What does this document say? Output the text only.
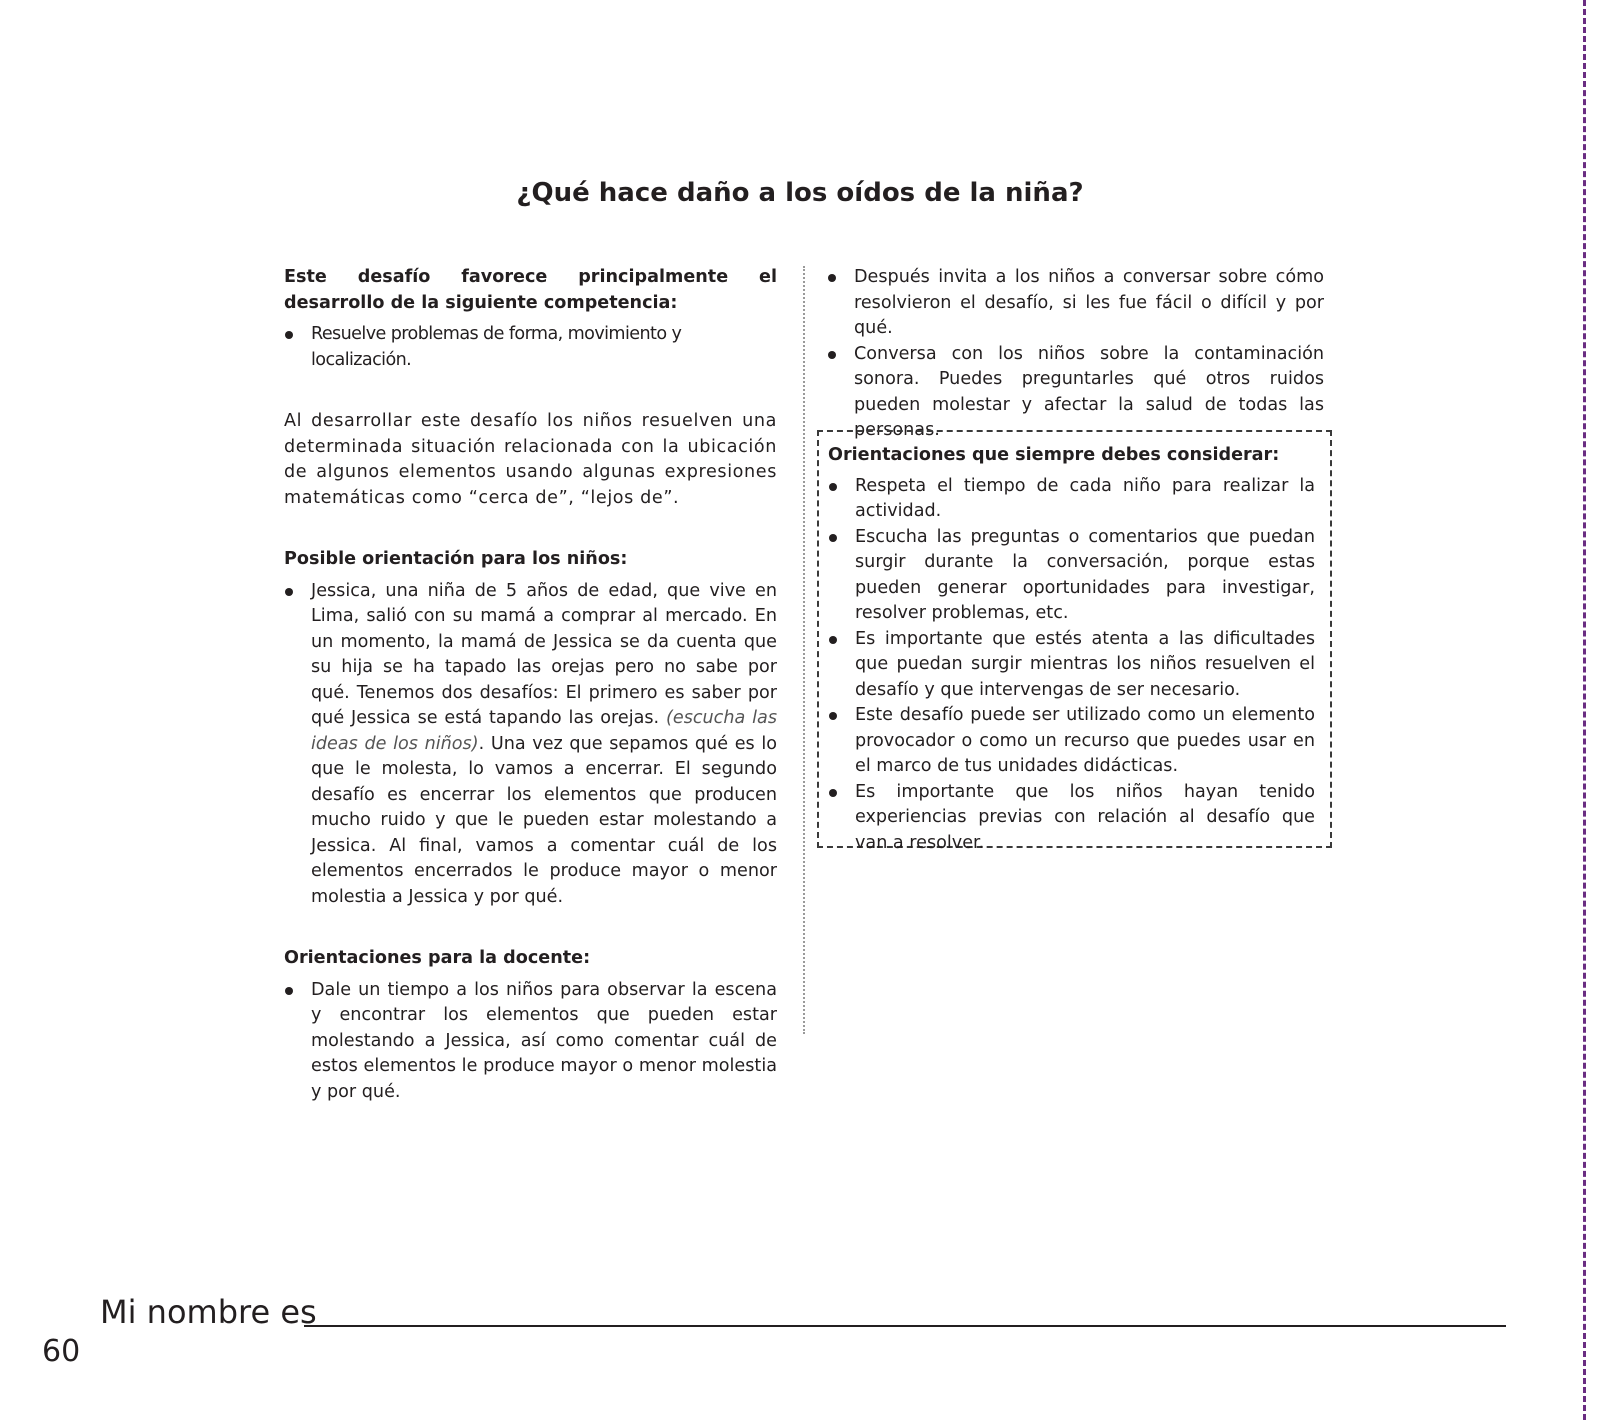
¿Qué hace daño a los oídos de la niña?

Este desafío favorece principalmente el desarrollo de la siguiente competencia:

Resuelve problemas de forma, movimiento y localización.

Al desarrollar este desafío los niños resuelven una determinada situación relacionada con la ubicación de algunos elementos usando algunas expresiones matemáticas como “cerca de”, “lejos de”.

Posible orientación para los niños:

Jessica, una niña de 5 años de edad, que vive en Lima, salió con su mamá a comprar al mercado. En un momento, la mamá de Jessica se da cuenta que su hija se ha tapado las orejas pero no sabe por qué. Tenemos dos desafíos: El primero es saber por qué Jessica se está tapando las orejas. (escucha las ideas de los niños). Una vez que sepamos qué es lo que le molesta, lo vamos a encerrar. El segundo desafío es encerrar los elementos que producen mucho ruido y que le pueden estar molestando a Jessica. Al final, vamos a comentar cuál de los elementos encerrados le produce mayor o menor molestia a Jessica y por qué.

Orientaciones para la docente:

Dale un tiempo a los niños para observar la escena y encontrar los elementos que pueden estar molestando a Jessica, así como comentar cuál de estos elementos le produce mayor o menor molestia y por qué.
Después invita a los niños a conversar sobre cómo resolvieron el desafío, si les fue fácil o difícil y por qué.
Conversa con los niños sobre la contaminación sonora. Puedes preguntarles qué otros ruidos pueden molestar y afectar la salud de todas las personas.

Orientaciones que siempre debes considerar:

Respeta el tiempo de cada niño para realizar la actividad.
Escucha las preguntas o comentarios que puedan surgir durante la conversación, porque estas pueden generar oportunidades para investigar, resolver problemas, etc.
Es importante que estés atenta a las dificultades que puedan surgir mientras los niños resuelven el desafío y que intervengas de ser necesario.
Este desafío puede ser utilizado como un elemento provocador o como un recurso que puedes usar en el marco de tus unidades didácticas.
Es importante que los niños hayan tenido experiencias previas con relación al desafío que van a resolver.
Mi nombre es
60
